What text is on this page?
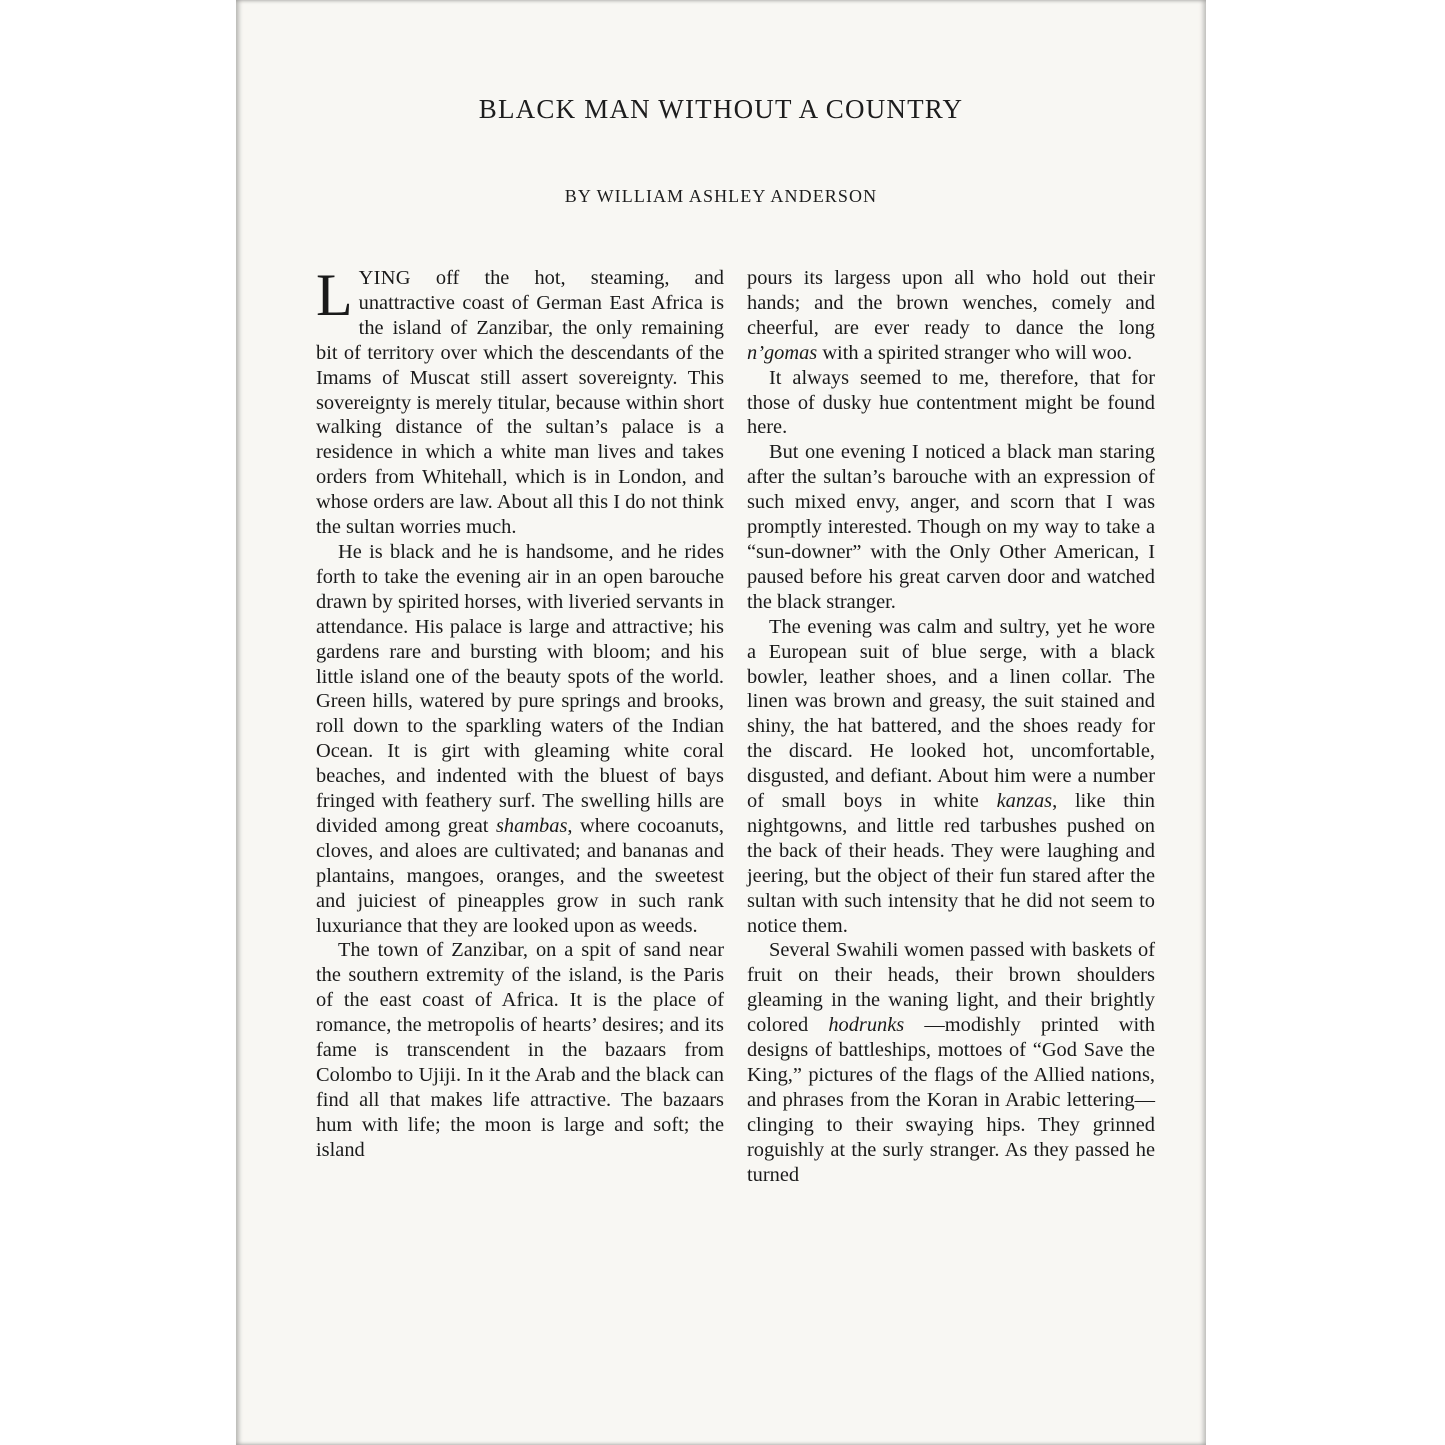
BLACK MAN WITHOUT A COUNTRY
BY WILLIAM ASHLEY ANDERSON

LYING off the hot, steaming, and unattractive coast of German East Africa is the island of Zanzibar, the only remaining bit of territory over which the descendants of the Imams of Muscat still assert sovereignty. This sovereignty is merely titular, because within short walking distance of the sultan’s palace is a residence in which a white man lives and takes orders from Whitehall, which is in London, and whose orders are law. About all this I do not think the sultan worries much.

He is black and he is handsome, and he rides forth to take the evening air in an open barouche drawn by spirited horses, with liveried servants in attendance. His palace is large and attractive; his gardens rare and bursting with bloom; and his little island one of the beauty spots of the world. Green hills, watered by pure springs and brooks, roll down to the sparkling waters of the Indian Ocean. It is girt with gleaming white coral beaches, and indented with the bluest of bays fringed with feathery surf. The swelling hills are divided among great shambas, where cocoanuts, cloves, and aloes are cultivated; and bananas and plantains, mangoes, oranges, and the sweetest and juiciest of pineapples grow in such rank luxuriance that they are looked upon as weeds.

The town of Zanzibar, on a spit of sand near the southern extremity of the island, is the Paris of the east coast of Africa. It is the place of romance, the metropolis of hearts’ desires; and its fame is transcendent in the bazaars from Colombo to Ujiji. In it the Arab and the black can find all that makes life attractive. The bazaars hum with life; the moon is large and soft; the island

pours its largess upon all who hold out their hands; and the brown wenches, comely and cheerful, are ever ready to dance the long n’gomas with a spirited stranger who will woo.

It always seemed to me, therefore, that for those of dusky hue contentment might be found here.

But one evening I noticed a black man staring after the sultan’s barouche with an expression of such mixed envy, anger, and scorn that I was promptly interested. Though on my way to take a “sun-downer” with the Only Other American, I paused before his great carven door and watched the black stranger.

The evening was calm and sultry, yet he wore a European suit of blue serge, with a black bowler, leather shoes, and a linen collar. The linen was brown and greasy, the suit stained and shiny, the hat battered, and the shoes ready for the discard. He looked hot, uncomfortable, disgusted, and defiant. About him were a number of small boys in white kanzas, like thin nightgowns, and little red tarbushes pushed on the back of their heads. They were laughing and jeering, but the object of their fun stared after the sultan with such intensity that he did not seem to notice them.

Several Swahili women passed with baskets of fruit on their heads, their brown shoulders gleaming in the waning light, and their brightly colored hodrunks —modishly printed with designs of battleships, mottoes of “God Save the King,” pictures of the flags of the Allied nations, and phrases from the Koran in Arabic lettering—clinging to their swaying hips. They grinned roguishly at the surly stranger. As they passed he turned
